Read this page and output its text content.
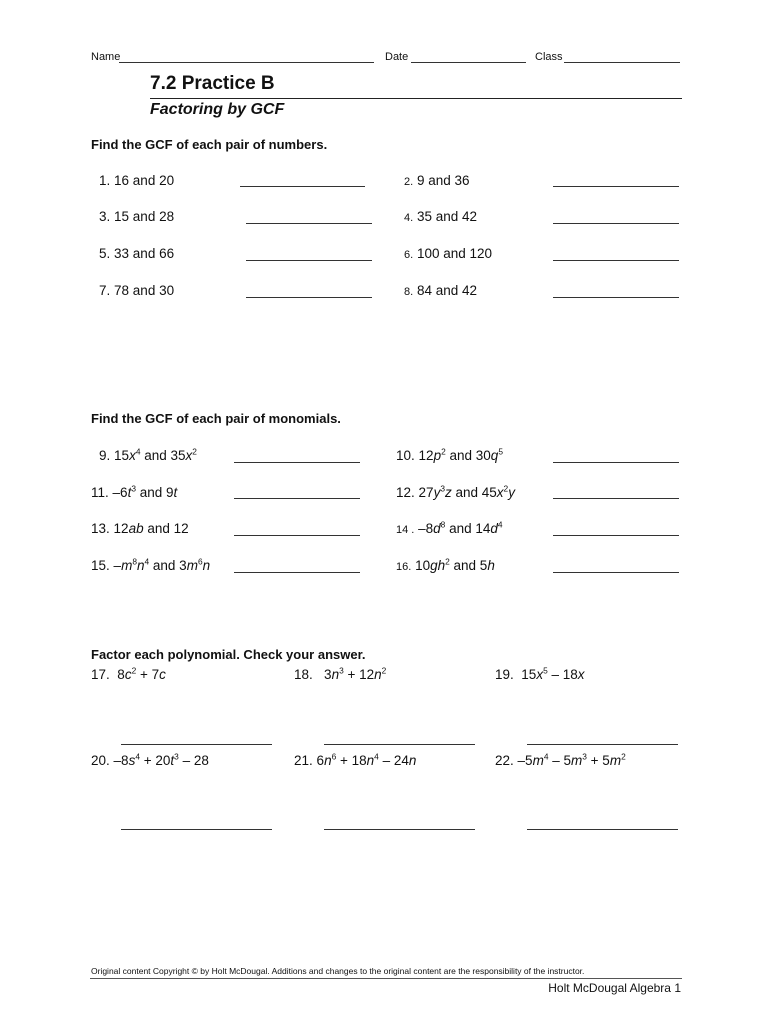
Name	Date	Class
7.2 Practice B
Factoring by GCF
Find the GCF of each pair of numbers.
1. 16 and 20	2. 9 and 36
3. 15 and 28	4. 35 and 42
5. 33 and 66	6. 100 and 120
7. 78 and 30	8. 84 and 42
Find the GCF of each pair of monomials.
9. $15x^4$ and $35x^2$	10. $12p^2$ and $30q^5$
11. $-6t^3$ and 9t	12. $27y^3z$ and $45x^2y$
13. 12ab and 12	14 . $-8d^8$ and $14d^4$
15. $-m^8n^4$ and $3m^6n$	16. $10gh^2$ and 5h
Factor each polynomial. Check your answer.
17. $8c^2 + 7c$	18. $3n^3 + 12n^2$	19. $15x^5 - 18x$
20. $-8s^4 + 20t^3 - 28$	21. $6n^6 + 18n^4 - 24n$	22. $-5m^4 - 5m^3 + 5m^2$
Original content Copyright © by Holt McDougal. Additions and changes to the original content are the responsibility of the instructor.
Holt McDougal Algebra 1
